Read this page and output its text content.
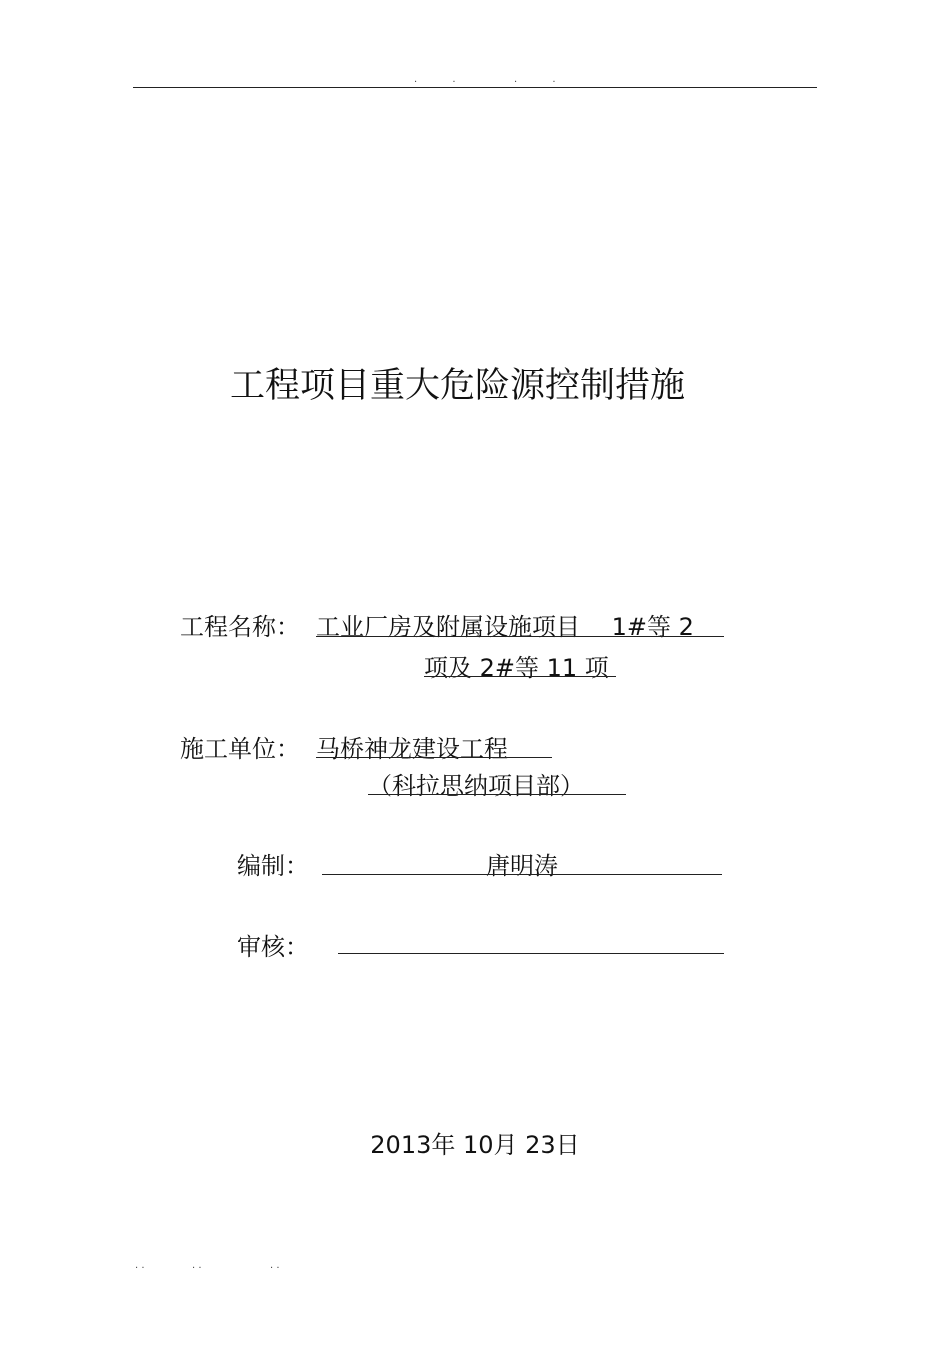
. .	. .
工程项目重大危险源控制措施
工程名称： 工业厂房及附属设施项目　 1#等 2
项及 2#等 11 项
施工单位： 马桥神龙建设工程
（科拉思纳项目部）
编制：	唐明涛
审核：
2013年 10月 23日
. .	. .	. .
